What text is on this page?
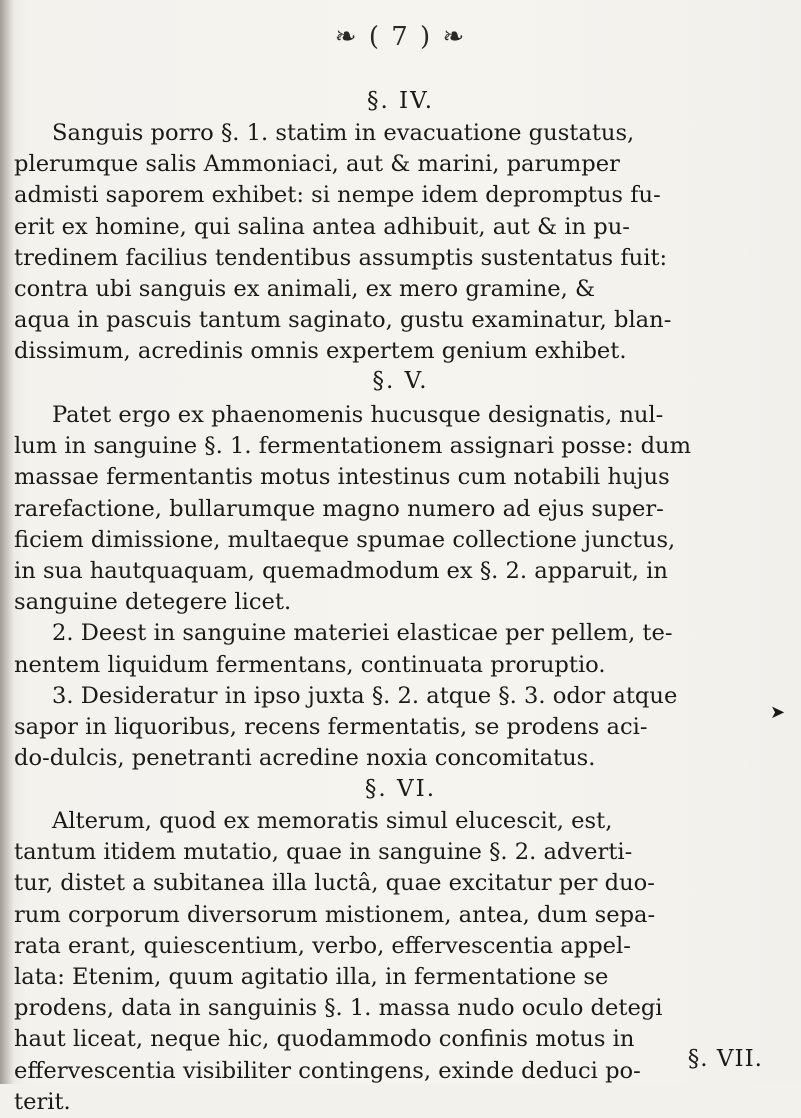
❧ ( 7 ) ❧
§. IV.
Sanguis porro §. 1. statim in evacuatione gustatus,
plerumque salis Ammoniaci, aut & marini, parumper
admisti saporem exhibet: si nempe idem depromptus fu-
erit ex homine, qui salina antea adhibuit, aut & in pu-
tredinem facilius tendentibus assumptis sustentatus fuit:
contra ubi sanguis ex animali, ex mero gramine, &
aqua in pascuis tantum saginato, gustu examinatur, blan-
dissimum, acredinis omnis expertem genium exhibet.
§. V.
Patet ergo ex phaenomenis hucusque designatis, nul-
lum in sanguine §. 1. fermentationem assignari posse: dum
massae fermentantis motus intestinus cum notabili hujus
rarefactione, bullarumque magno numero ad ejus super-
ficiem dimissione, multaeque spumae collectione junctus,
in sua hautquaquam, quemadmodum ex §. 2. apparuit, in
sanguine detegere licet.
2. Deest in sanguine materiei elasticae per pellem, te-
nentem liquidum fermentans, continuata proruptio.
3. Desideratur in ipso juxta §. 2. atque §. 3. odor atque
sapor in liquoribus, recens fermentatis, se prodens aci-
do-dulcis, penetranti acredine noxia concomitatus.
§. VI.
Alterum, quod ex memoratis simul elucescit, est,
tantum itidem mutatio, quae in sanguine §. 2. adverti-
tur, distet a subitanea illa luctâ, quae excitatur per duo-
rum corporum diversorum mistionem, antea, dum sepa-
rata erant, quiescentium, verbo, effervescentia appel-
lata: Etenim, quum agitatio illa, in fermentatione se
prodens, data in sanguinis §. 1. massa nudo oculo detegi
haut liceat, neque hic, quodammodo confinis motus in
effervescentia visibiliter contingens, exinde deduci po-
terit.
➤
§. VII.
